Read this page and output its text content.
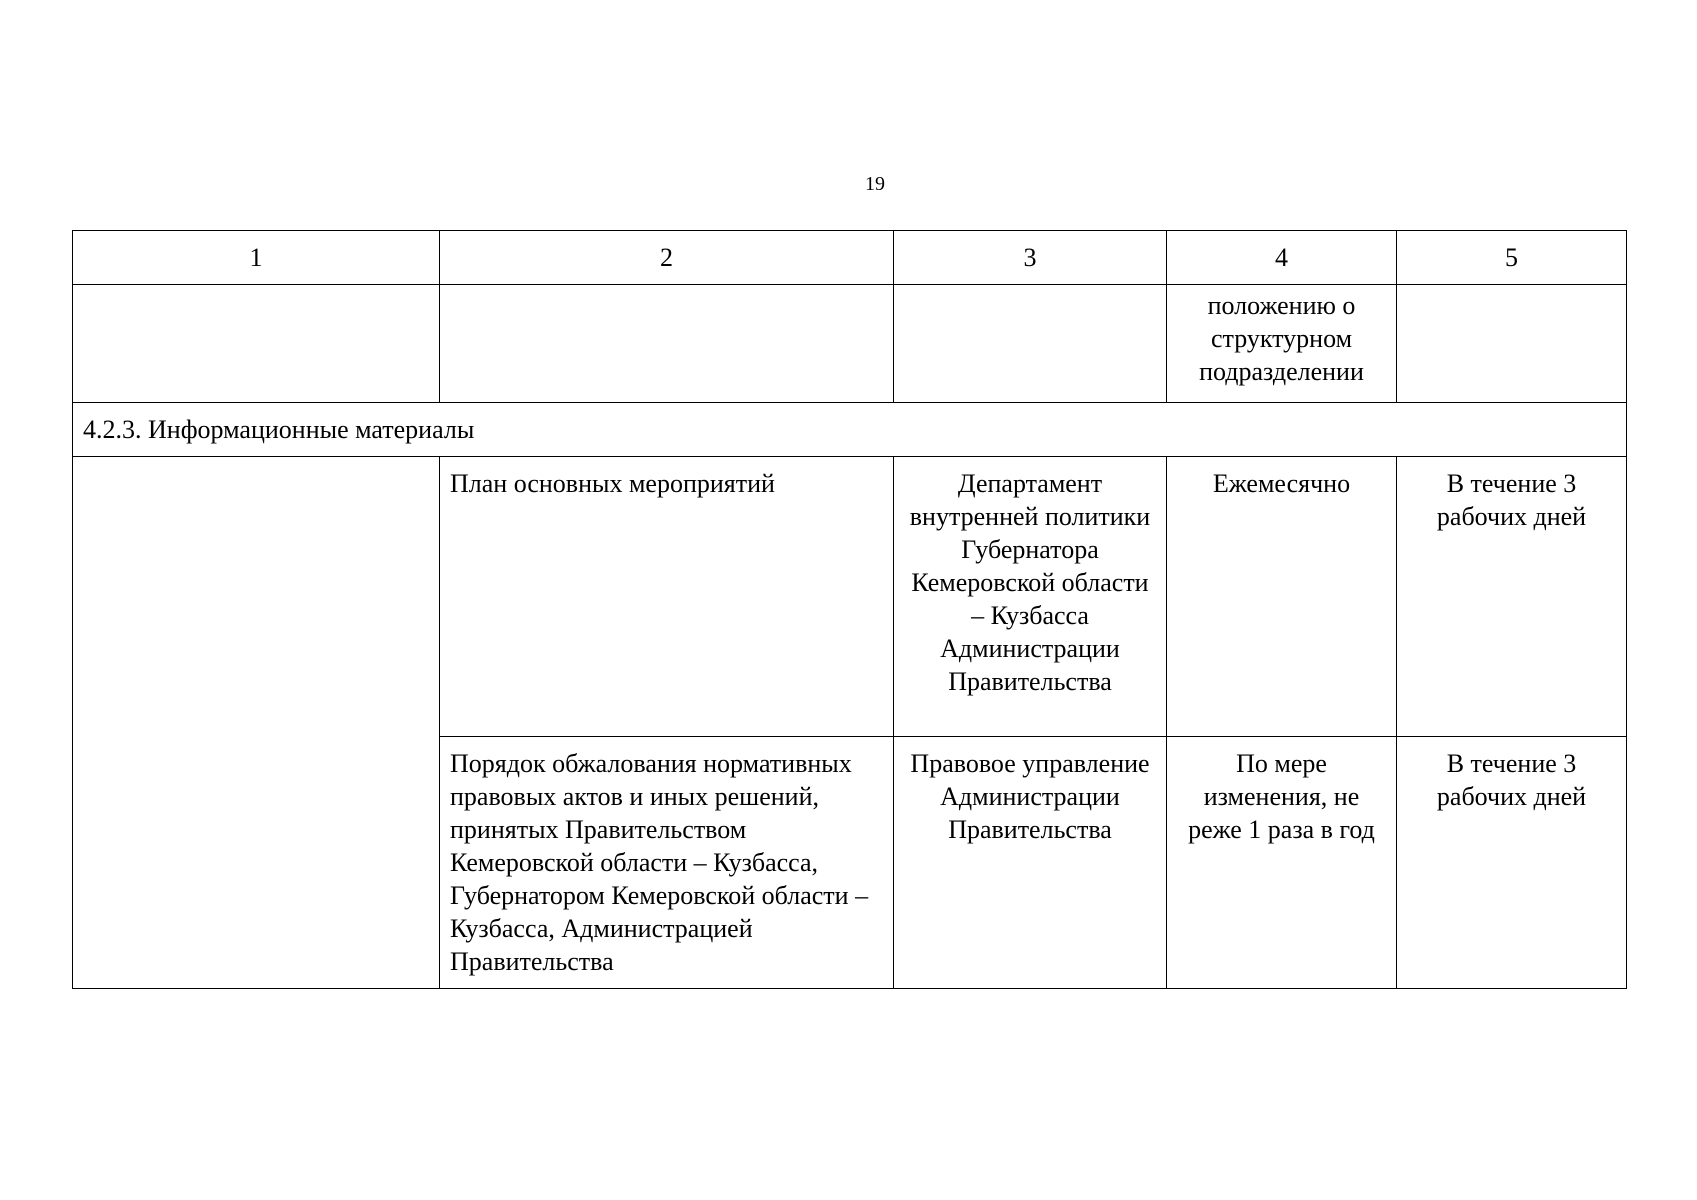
19
1	2	3	4	5
			положению о структурном подразделении	
4.2.3. Информационные материалы				
	План основных мероприятий	Департамент внутренней политики Губернатора Кемеровской области – Кузбасса Администрации Правительства	Ежемесячно	В течение 3 рабочих дней
	Порядок обжалования нормативных правовых актов и иных решений, принятых Правительством Кемеровской области – Кузбасса, Губернатором Кемеровской области – Кузбасса, Администрацией Правительства	Правовое управление Администрации Правительства	По мере изменения, не реже 1 раза в год	В течение 3 рабочих дней
